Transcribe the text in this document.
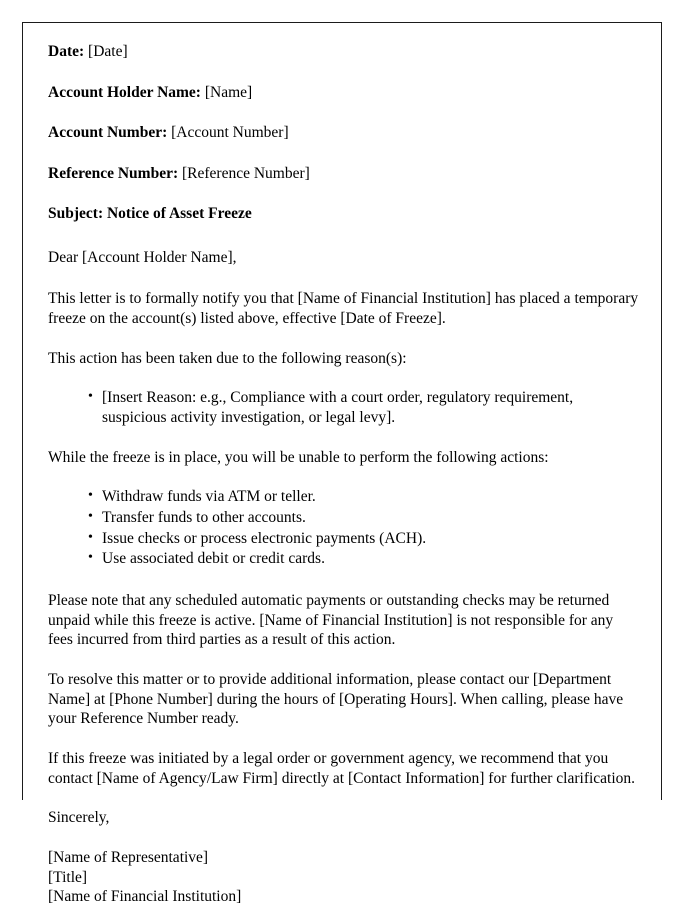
Date: [Date]
Account Holder Name: [Name]
Account Number: [Account Number]
Reference Number: [Reference Number]
Subject: Notice of Asset Freeze
Dear [Account Holder Name],

This letter is to formally notify you that [Name of Financial Institution] has placed a temporary freeze on the account(s) listed above, effective [Date of Freeze].

This action has been taken due to the following reason(s):

• [Insert Reason: e.g., Compliance with a court order, regulatory requirement, suspicious activity investigation, or legal levy].

While the freeze is in place, you will be unable to perform the following actions:

• Withdraw funds via ATM or teller.
• Transfer funds to other accounts.
• Issue checks or process electronic payments (ACH).
• Use associated debit or credit cards.

Please note that any scheduled automatic payments or outstanding checks may be returned unpaid while this freeze is active. [Name of Financial Institution] is not responsible for any fees incurred from third parties as a result of this action.

To resolve this matter or to provide additional information, please contact our [Department Name] at [Phone Number] during the hours of [Operating Hours]. When calling, please have your Reference Number ready.

If this freeze was initiated by a legal order or government agency, we recommend that you contact [Name of Agency/Law Firm] directly at [Contact Information] for further clarification.

Sincerely,
[Name of Representative]
[Title]
[Name of Financial Institution]
